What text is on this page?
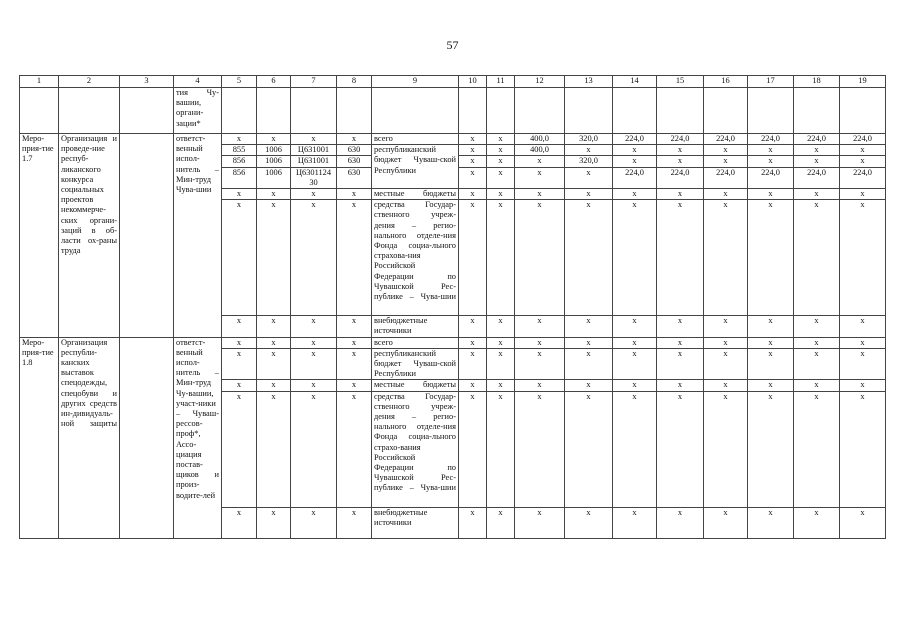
57
1	2	3	4	5	6	7	8	9	10	11	12	13	14	15	16	17	18	19
			тия Чу-вашии, органи-зации*															
Меро-прия-тие 1.7	Организация и проведе-ние респуб-ликанского конкурса социальных проектов некоммерче-ских органи-заций в об-ласти ох-раны труда		ответст-венный испол-нитель – Мин-труд Чува-шии	х	х	х	х	всего	х	х	400,0	320,0	224,0	224,0	224,0	224,0	224,0	224,0
				855	1006	Ц631001	630	республиканский бюджет Чуваш-ской Республики	х	х	400,0	х	х	х	х	х	х	х
				856	1006	Ц631001	630		х	х	х	320,0	х	х	х	х	х	х
				856	1006	Ц6301124 30	630		х	х	х	х	224,0	224,0	224,0	224,0	224,0	224,0
				х	х	х	х	местные бюджеты	х	х	х	х	х	х	х	х	х	х
				х	х	х	х	средства Государ-ственного учреж-дения – регио-нального отделе-ния Фонда социа-льного страхова-ния Российской Федерации по Чувашской Рес-публике – Чува-шии	х	х	х	х	х	х	х	х	х	х
				х	х	х	х	внебюджетные источники	х	х	х	х	х	х	х	х	х	х
Меро-прия-тие 1.8	Организация республи-канских выставок спецодежды, спецобуви и других средств ин-дивидуаль-ной защиты		ответст-венный испол-нитель – Мин-труд Чу-вашии, участ-ники – Чуваш-рессов-проф*, Ассо-циация постав-щиков и произ-водите-лей	х	х	х	х	всего	х	х	х	х	х	х	х	х	х	х
				х	х	х	х	республиканский бюджет Чуваш-ской Республики	х	х	х	х	х	х	х	х	х	х
				х	х	х	х	местные бюджеты	х	х	х	х	х	х	х	х	х	х
				х	х	х	х	средства Государ-ственного учреж-дения – регио-нального отделе-ния Фонда социа-льного страхо-вания Российской Федерации по Чувашской Рес-публике – Чува-шии	х	х	х	х	х	х	х	х	х	х
				х	х	х	х	внебюджетные источники	х	х	х	х	х	х	х	х	х	х
